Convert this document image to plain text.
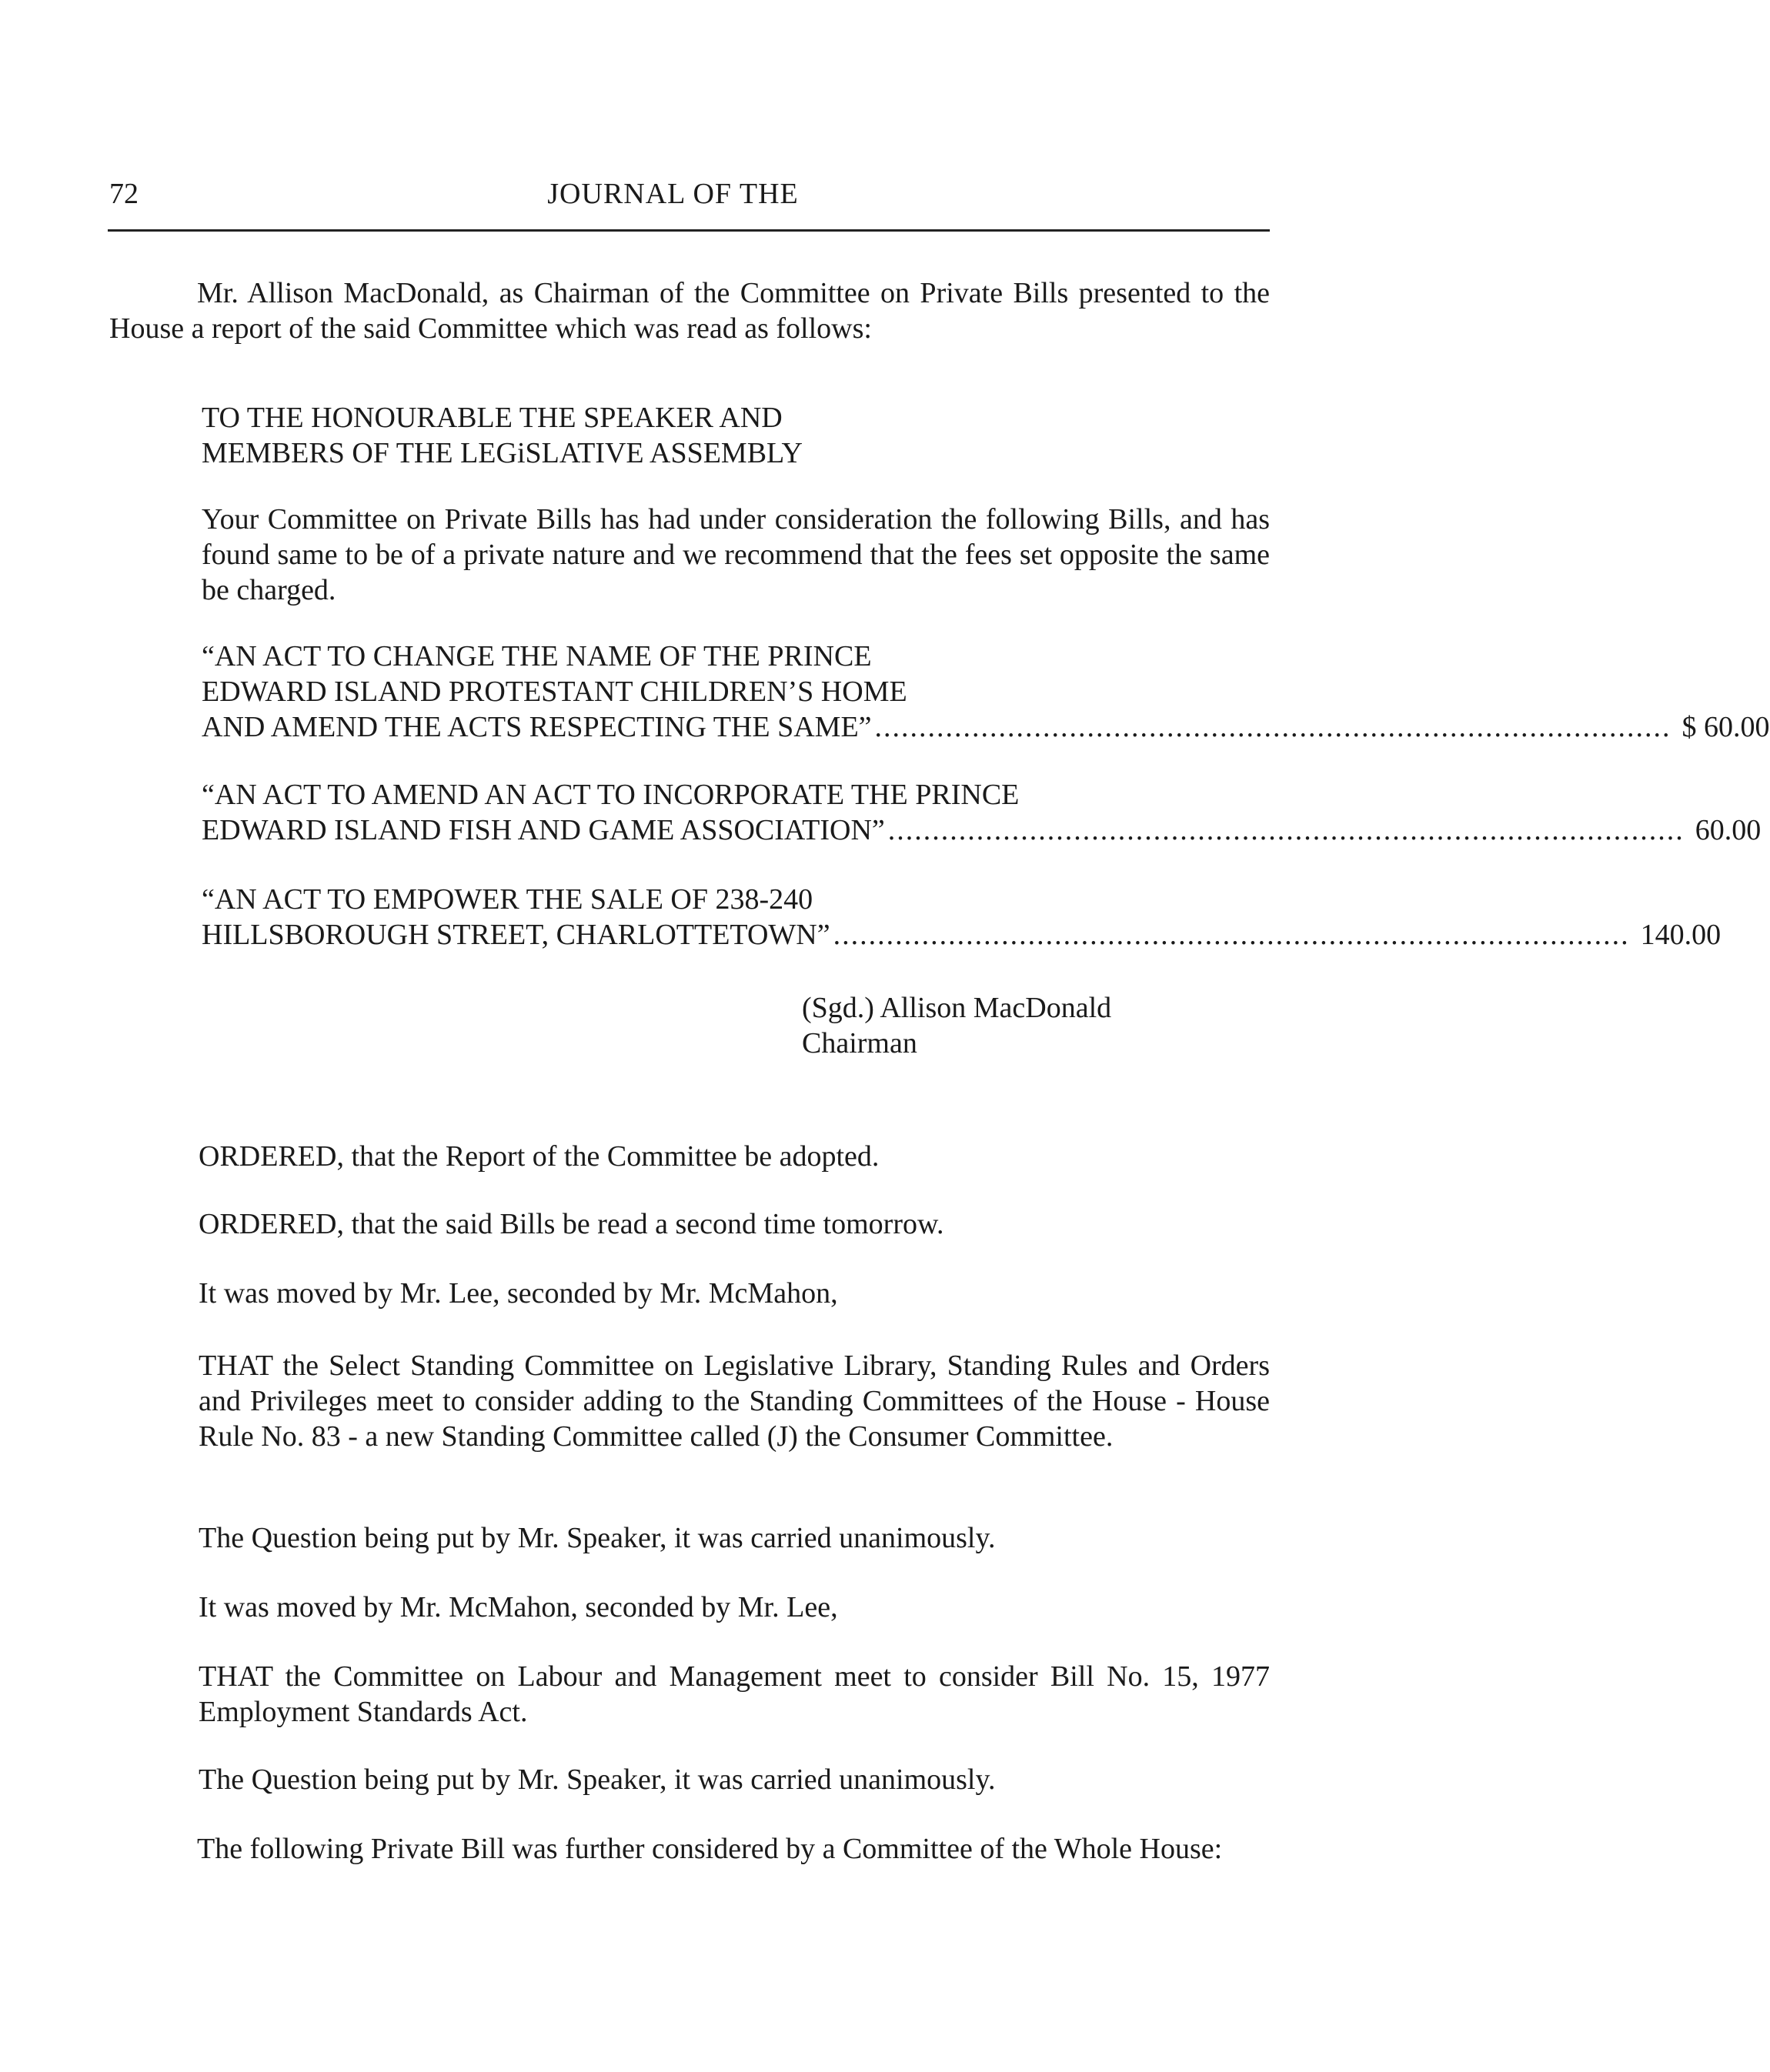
72	JOURNAL OF THE

Mr. Allison MacDonald, as Chairman of the Committee on Private Bills presented to the House a report of the said Committee which was read as follows:

TO THE HONOURABLE THE SPEAKER AND
MEMBERS OF THE LEGiSLATIVE ASSEMBLY

Your Committee on Private Bills has had under consideration the following Bills, and has found same to be of a private nature and we recommend that the fees set opposite the same be charged.

“AN ACT TO CHANGE THE NAME OF THE PRINCE
EDWARD ISLAND PROTESTANT CHILDREN’S HOME
AND AMEND THE ACTS RESPECTING THE SAME” .......................................................................................... $ 60.00
“AN ACT TO AMEND AN ACT TO INCORPORATE THE PRINCE
EDWARD ISLAND FISH AND GAME ASSOCIATION” .......................................................................................... 60.00
“AN ACT TO EMPOWER THE SALE OF 238-240
HILLSBOROUGH STREET, CHARLOTTETOWN” .......................................................................................... 140.00
(Sgd.) Allison MacDonald
Chairman

ORDERED, that the Report of the Committee be adopted.

ORDERED, that the said Bills be read a second time tomorrow.

It was moved by Mr. Lee, seconded by Mr. McMahon,

THAT the Select Standing Committee on Legislative Library, Standing Rules and Orders and Privileges meet to consider adding to the Standing Committees of the House - House Rule No. 83 - a new Standing Committee called (J) the Consumer Committee.

The Question being put by Mr. Speaker, it was carried unanimously.

It was moved by Mr. McMahon, seconded by Mr. Lee,

THAT the Committee on Labour and Management meet to consider Bill No. 15, 1977 Employment Standards Act.

The Question being put by Mr. Speaker, it was carried unanimously.

The following Private Bill was further considered by a Committee of the Whole House:
